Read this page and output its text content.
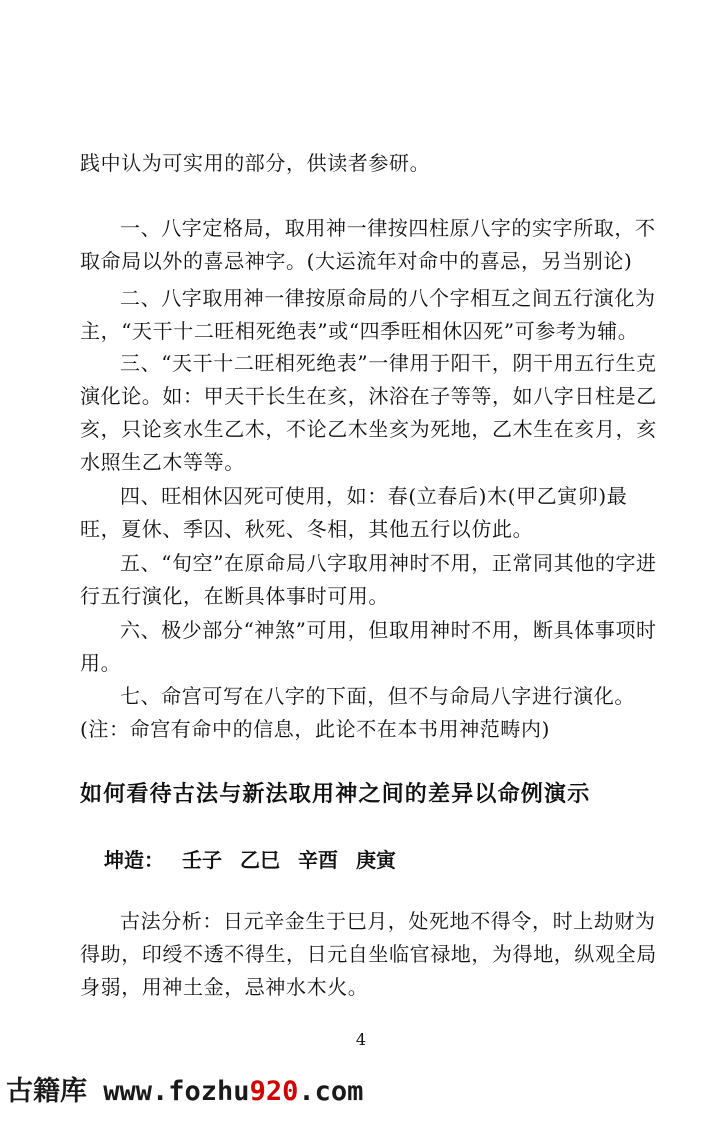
践中认为可实用的部分，供读者参研。

一、八字定格局，取用神一律按四柱原八字的实字所取，不取命局以外的喜忌神字。(大运流年对命中的喜忌，另当别论)

二、八字取用神一律按原命局的八个字相互之间五行演化为主，“天干十二旺相死绝表”或“四季旺相休囚死”可参考为辅。

三、“天干十二旺相死绝表”一律用于阳干，阴干用五行生克演化论。如：甲天干长生在亥，沐浴在子等等，如八字日柱是乙亥，只论亥水生乙木，不论乙木坐亥为死地，乙木生在亥月，亥水照生乙木等等。

四、旺相休囚死可使用，如：春(立春后)木(甲乙寅卯)最旺，夏休、季囚、秋死、冬相，其他五行以仿此。

五、“旬空”在原命局八字取用神时不用，正常同其他的字进行五行演化，在断具体事时可用。

六、极少部分“神煞”可用，但取用神时不用，断具体事项时用。

七、命宫可写在八字的下面，但不与命局八字进行演化。(注：命宫有命中的信息，此论不在本书用神范畴内)

如何看待古法与新法取用神之间的差异以命例演示

坤造： 壬子 乙巳 辛酉 庚寅

古法分析：日元辛金生于巳月，处死地不得令，时上劫财为得助，印绶不透不得生，日元自坐临官禄地，为得地，纵观全局身弱，用神土金，忌神水木火。

4
古籍库 www.fozhu920.com
